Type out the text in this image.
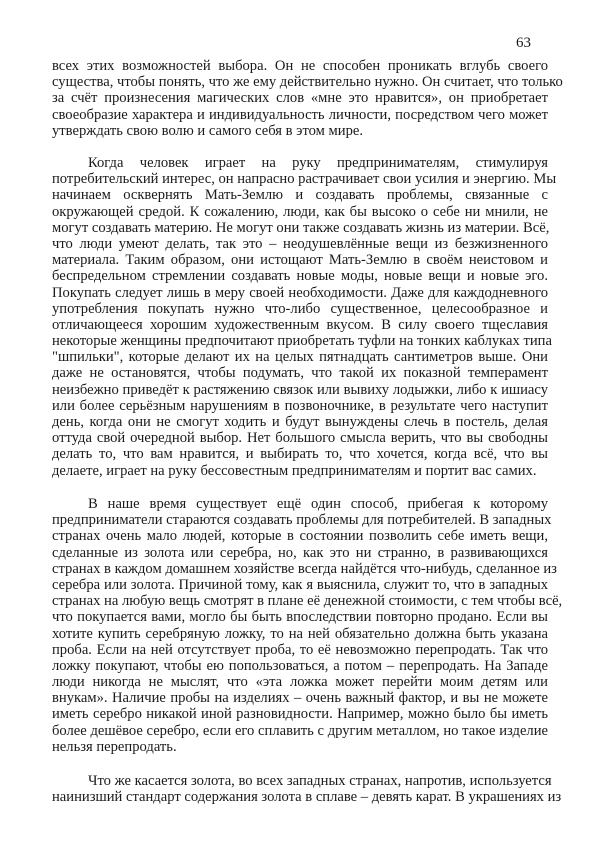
63
всех этих возможностей выбора. Он не способен проникать вглубь своего
существа, чтобы понять, что же ему действительно нужно. Он считает, что только
за счёт произнесения магических слов «мне это нравится», он приобретает
своеобразие характера и индивидуальность личности, посредством чего может
утверждать свою волю и самого себя в этом мире.
Когда человек играет на руку предпринимателям, стимулируя
потребительский интерес, он напрасно растрачивает свои усилия и энергию. Мы
начинаем осквернять Мать-Землю и создавать проблемы, связанные с
окружающей средой. К сожалению, люди, как бы высоко о себе ни мнили, не
могут создавать материю. Не могут они также создавать жизнь из материи. Всё,
что люди умеют делать, так это – неодушевлённые вещи из безжизненного
материала. Таким образом, они истощают Мать-Землю в своём неистовом и
беспредельном стремлении создавать новые моды, новые вещи и новые эго.
Покупать следует лишь в меру своей необходимости. Даже для каждодневного
употребления покупать нужно что-либо существенное, целесообразное и
отличающееся хорошим художественным вкусом. В силу своего тщеславия
некоторые женщины предпочитают приобретать туфли на тонких каблуках типа
"шпильки", которые делают их на целых пятнадцать сантиметров выше. Они
даже не остановятся, чтобы подумать, что такой их показной темперамент
неизбежно приведёт к растяжению связок или вывиху лодыжки, либо к ишиасу
или более серьёзным нарушениям в позвоночнике, в результате чего наступит
день, когда они не смогут ходить и будут вынуждены слечь в постель, делая
оттуда свой очередной выбор. Нет большого смысла верить, что вы свободны
делать то, что вам нравится, и выбирать то, что хочется, когда всё, что вы
делаете, играет на руку бессовестным предпринимателям и портит вас самих.
В наше время существует ещё один способ, прибегая к которому
предприниматели стараются создавать проблемы для потребителей. В западных
странах очень мало людей, которые в состоянии позволить себе иметь вещи,
сделанные из золота или серебра, но, как это ни странно, в развивающихся
странах в каждом домашнем хозяйстве всегда найдётся что-нибудь, сделанное из
серебра или золота. Причиной тому, как я выяснила, служит то, что в западных
странах на любую вещь смотрят в плане её денежной стоимости, с тем чтобы всё,
что покупается вами, могло бы быть впоследствии повторно продано. Если вы
хотите купить серебряную ложку, то на ней обязательно должна быть указана
проба. Если на ней отсутствует проба, то её невозможно перепродать. Так что
ложку покупают, чтобы ею попользоваться, а потом – перепродать. На Западе
люди никогда не мыслят, что «эта ложка может перейти моим детям или
внукам». Наличие пробы на изделиях – очень важный фактор, и вы не можете
иметь серебро никакой иной разновидности. Например, можно было бы иметь
более дешёвое серебро, если его сплавить с другим металлом, но такое изделие
нельзя перепродать.
Что же касается золота, во всех западных странах, напротив, используется
наинизший стандарт содержания золота в сплаве – девять карат. В украшениях из
